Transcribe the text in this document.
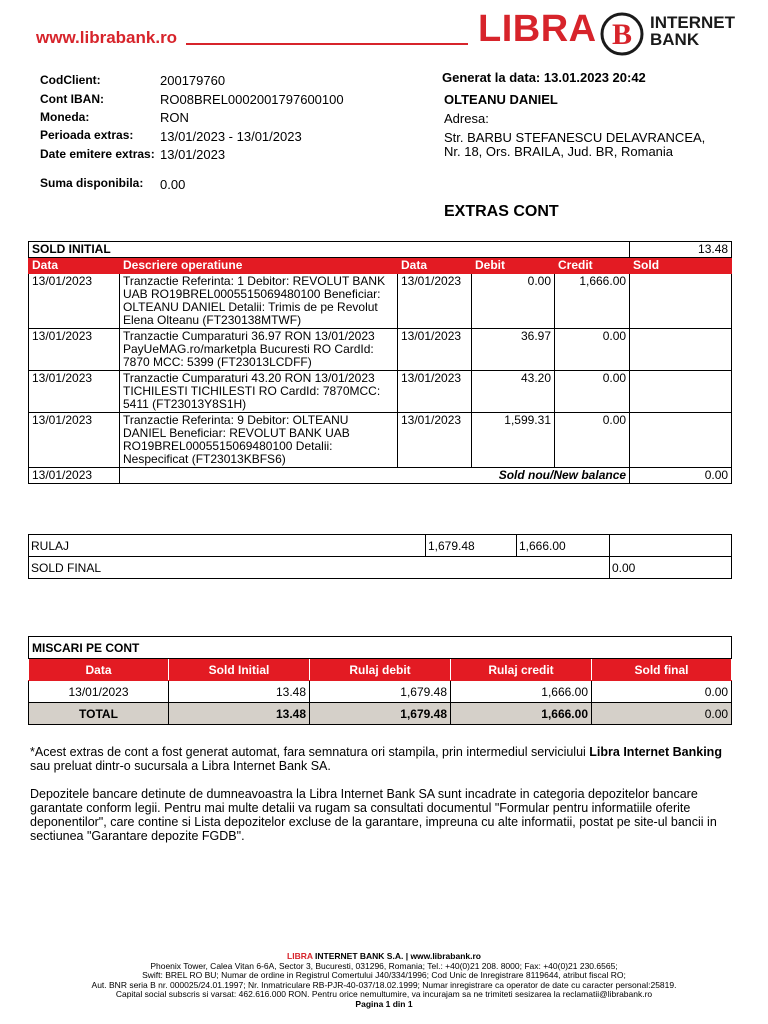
www.librabank.ro	LIBRA B INTERNET
BANK
CodClient:	200179760
Cont IBAN:	RO08BREL0002001797600100
Moneda:	RON
Perioada extras: 13/01/2023 - 13/01/2023
Date emitere extras: 13/01/2023
Suma disponibila: 0.00
Generat la data: 13.01.2023 20:42
OLTEANU DANIEL
Adresa:
Str. BARBU STEFANESCU DELAVRANCEA, Nr. 18, Ors. BRAILA, Jud. BR, Romania
EXTRAS CONT
SOLD INITIAL					13.48
Data	Descriere operatiune	Data	Debit	Credit	Sold
13/01/2023	Tranzactie Referinta: 1 Debitor: REVOLUT BANK UAB RO19BREL0005515069480100 Beneficiar: OLTEANU DANIEL Detalii: Trimis de pe Revolut Elena Olteanu (FT230138MTWF)	13/01/2023	0.00	1,666.00	
13/01/2023	Tranzactie Cumparaturi 36.97 RON 13/01/2023 PayUeMAG.ro/marketpla Bucuresti RO CardId: 7870 MCC: 5399 (FT23013LCDFF)	13/01/2023	36.97	0.00	
13/01/2023	Tranzactie Cumparaturi 43.20 RON 13/01/2023 TICHILESTI TICHILESTI RO CardId: 7870MCC: 5411 (FT23013Y8S1H)	13/01/2023	43.20	0.00	
13/01/2023	Tranzactie Referinta: 9 Debitor: OLTEANU DANIEL Beneficiar: REVOLUT BANK UAB RO19BREL0005515069480100 Detalii: Nespecificat (FT23013KBFS6)	13/01/2023	1,599.31	0.00	
13/01/2023	Sold nou/New balance				0.00
RULAJ	1,679.48	1,666.00	
SOLD FINAL			0.00
MISCARI PE CONT				
Data	Sold Initial	Rulaj debit	Rulaj credit	Sold final
13/01/2023	13.48	1,679.48	1,666.00	0.00
TOTAL	13.48	1,679.48	1,666.00	0.00
*Acest extras de cont a fost generat automat, fara semnatura ori stampila, prin intermediul serviciului Libra Internet Banking sau preluat dintr-o sucursala a Libra Internet Bank SA.
Depozitele bancare detinute de dumneavoastra la Libra Internet Bank SA sunt incadrate in categoria depozitelor bancare garantate conform legii. Pentru mai multe detalii va rugam sa consultati documentul "Formular pentru informatiile oferite deponentilor", care contine si Lista depozitelor excluse de la garantare, impreuna cu alte informatii, postat pe site-ul bancii in sectiunea "Garantare depozite FGDB".
LIBRA INTERNET BANK S.A. | www.librabank.ro
Phoenix Tower, Calea Vitan 6-6A, Sector 3, Bucuresti, 031296, Romania; Tel.: +40(0)21 208. 8000; Fax: +40(0)21 230.6565;
Swift: BREL RO BU; Numar de ordine in Registrul Comertului J40/334/1996; Cod Unic de Inregistrare 8119644, atribut fiscal RO;
Aut. BNR seria B nr. 000025/24.01.1997; Nr. Inmatriculare RB-PJR-40-037/18.02.1999; Numar inregistrare ca operator de date cu caracter personal:25819.
Capital social subscris si varsat: 462.616.000 RON. Pentru orice nemultumire, va incurajam sa ne trimiteti sesizarea la reclamatii@librabank.ro
Pagina 1 din 1
